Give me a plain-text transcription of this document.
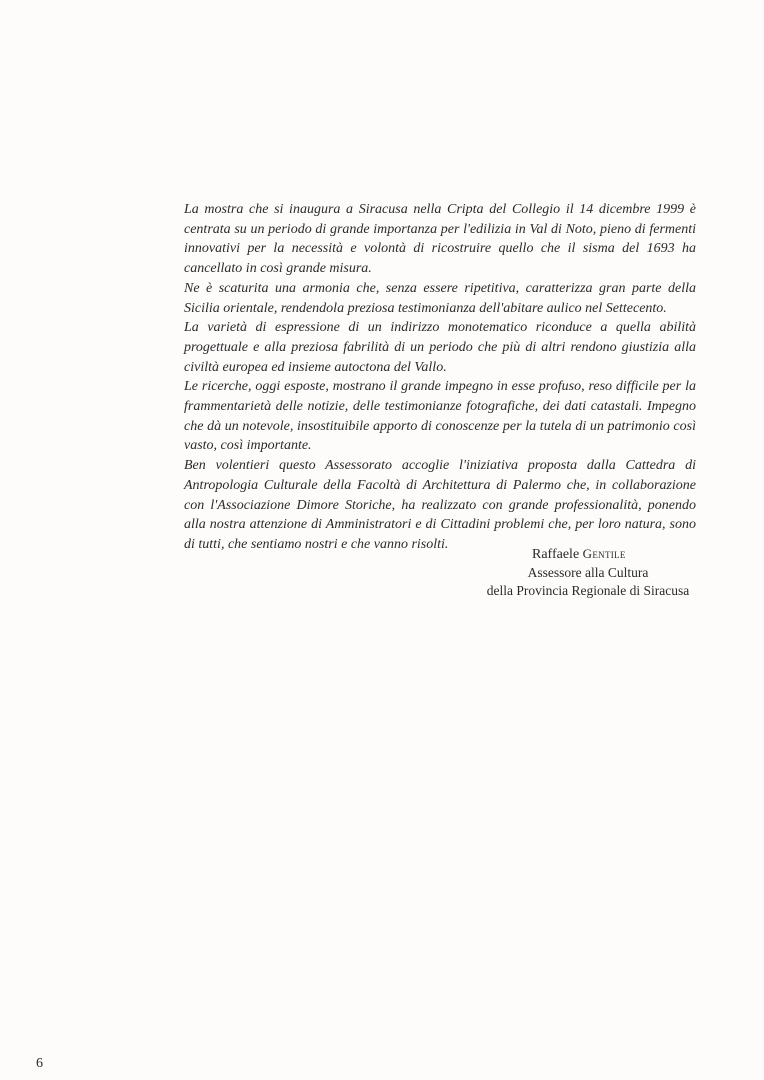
La mostra che si inaugura a Siracusa nella Cripta del Collegio il 14 dicembre 1999 è centrata su un periodo di grande importanza per l'edilizia in Val di Noto, pieno di fermenti innovativi per la necessità e volontà di ricostruire quello che il sisma del 1693 ha cancellato in così grande misura.

Ne è scaturita una armonia che, senza essere ripetitiva, caratterizza gran parte della Sicilia orientale, rendendola preziosa testimonianza dell'abitare aulico nel Settecento.

La varietà di espressione di un indirizzo monotematico riconduce a quella abilità progettuale e alla preziosa fabrilità di un periodo che più di altri rendono giustizia alla civiltà europea ed insieme autoctona del Vallo.

Le ricerche, oggi esposte, mostrano il grande impegno in esse profuso, reso difficile per la frammentarietà delle notizie, delle testimonianze fotografiche, dei dati catastali. Impegno che dà un notevole, insostituibile apporto di conoscenze per la tutela di un patrimonio così vasto, così importante.

Ben volentieri questo Assessorato accoglie l'iniziativa proposta dalla Cattedra di Antropologia Culturale della Facoltà di Architettura di Palermo che, in collaborazione con l'Associazione Dimore Storiche, ha realizzato con grande professionalità, ponendo alla nostra attenzione di Amministratori e di Cittadini problemi che, per loro natura, sono di tutti, che sentiamo nostri e che vanno risolti.

Raffaele Gentile
Assessore alla Cultura
della Provincia Regionale di Siracusa
6
